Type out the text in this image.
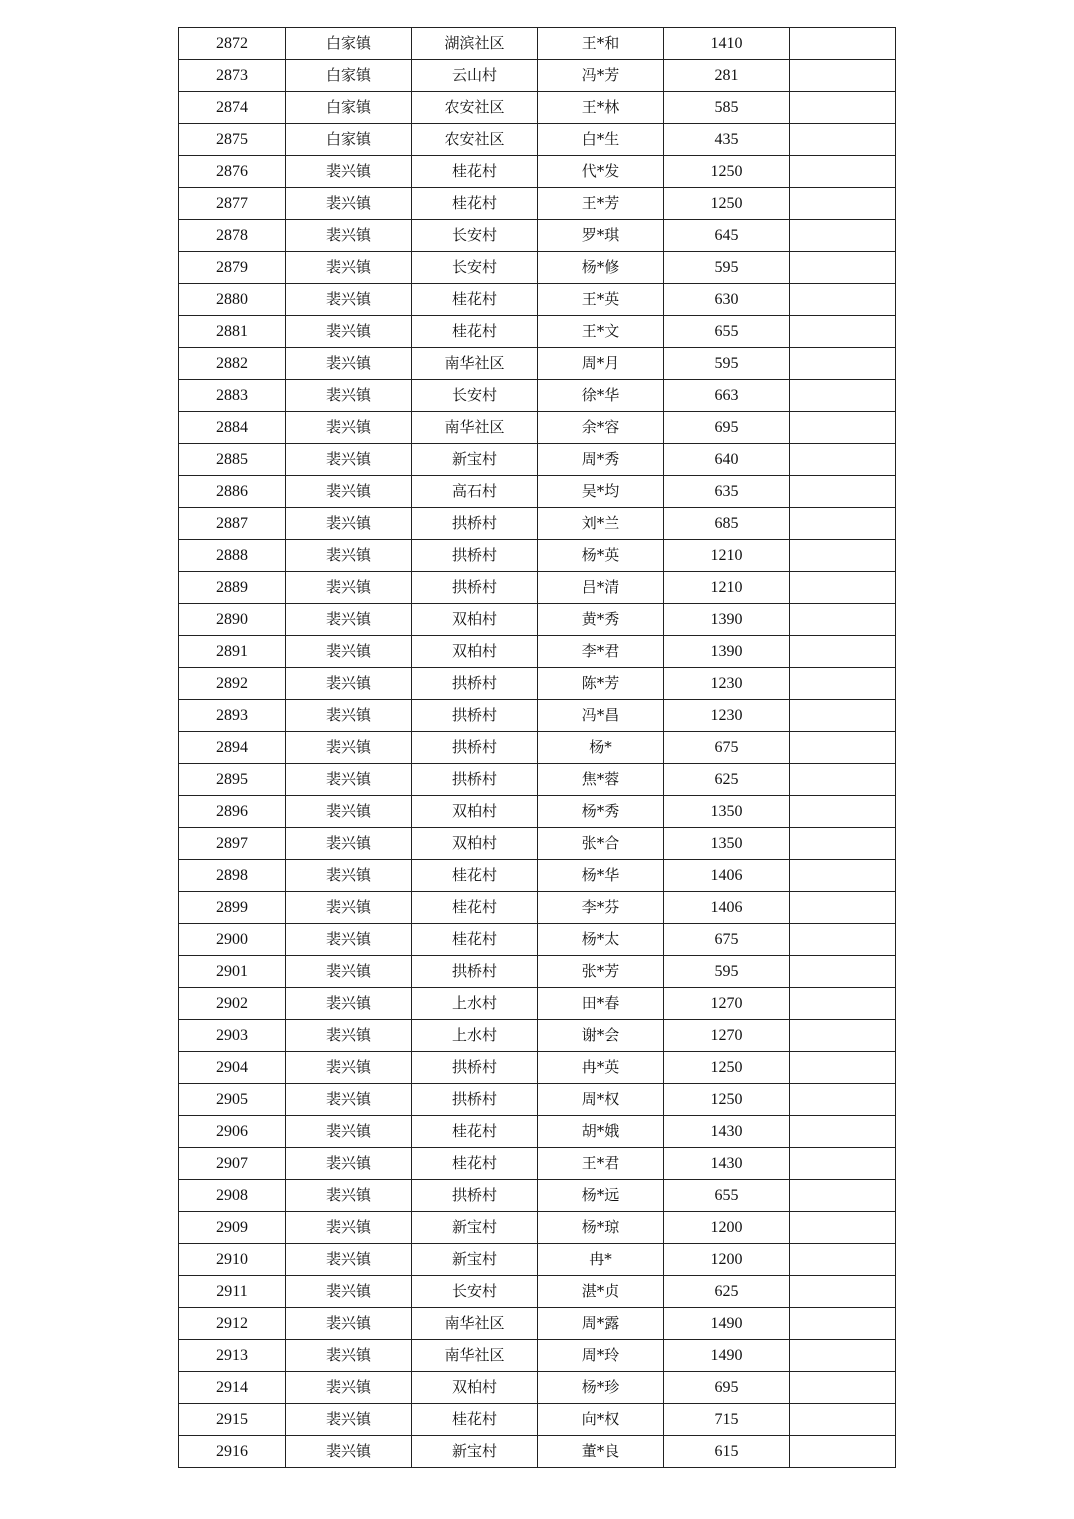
2872	白家镇	湖滨社区	王*和	1410	
2873	白家镇	云山村	冯*芳	281	
2874	白家镇	农安社区	王*林	585	
2875	白家镇	农安社区	白*生	435	
2876	裴兴镇	桂花村	代*发	1250	
2877	裴兴镇	桂花村	王*芳	1250	
2878	裴兴镇	长安村	罗*琪	645	
2879	裴兴镇	长安村	杨*修	595	
2880	裴兴镇	桂花村	王*英	630	
2881	裴兴镇	桂花村	王*文	655	
2882	裴兴镇	南华社区	周*月	595	
2883	裴兴镇	长安村	徐*华	663	
2884	裴兴镇	南华社区	余*容	695	
2885	裴兴镇	新宝村	周*秀	640	
2886	裴兴镇	高石村	吴*均	635	
2887	裴兴镇	拱桥村	刘*兰	685	
2888	裴兴镇	拱桥村	杨*英	1210	
2889	裴兴镇	拱桥村	吕*清	1210	
2890	裴兴镇	双柏村	黄*秀	1390	
2891	裴兴镇	双柏村	李*君	1390	
2892	裴兴镇	拱桥村	陈*芳	1230	
2893	裴兴镇	拱桥村	冯*昌	1230	
2894	裴兴镇	拱桥村	杨*	675	
2895	裴兴镇	拱桥村	焦*蓉	625	
2896	裴兴镇	双柏村	杨*秀	1350	
2897	裴兴镇	双柏村	张*合	1350	
2898	裴兴镇	桂花村	杨*华	1406	
2899	裴兴镇	桂花村	李*芬	1406	
2900	裴兴镇	桂花村	杨*太	675	
2901	裴兴镇	拱桥村	张*芳	595	
2902	裴兴镇	上水村	田*春	1270	
2903	裴兴镇	上水村	谢*会	1270	
2904	裴兴镇	拱桥村	冉*英	1250	
2905	裴兴镇	拱桥村	周*权	1250	
2906	裴兴镇	桂花村	胡*娥	1430	
2907	裴兴镇	桂花村	王*君	1430	
2908	裴兴镇	拱桥村	杨*远	655	
2909	裴兴镇	新宝村	杨*琼	1200	
2910	裴兴镇	新宝村	冉*	1200	
2911	裴兴镇	长安村	湛*贞	625	
2912	裴兴镇	南华社区	周*露	1490	
2913	裴兴镇	南华社区	周*玲	1490	
2914	裴兴镇	双柏村	杨*珍	695	
2915	裴兴镇	桂花村	向*权	715	
2916	裴兴镇	新宝村	董*良	615	
